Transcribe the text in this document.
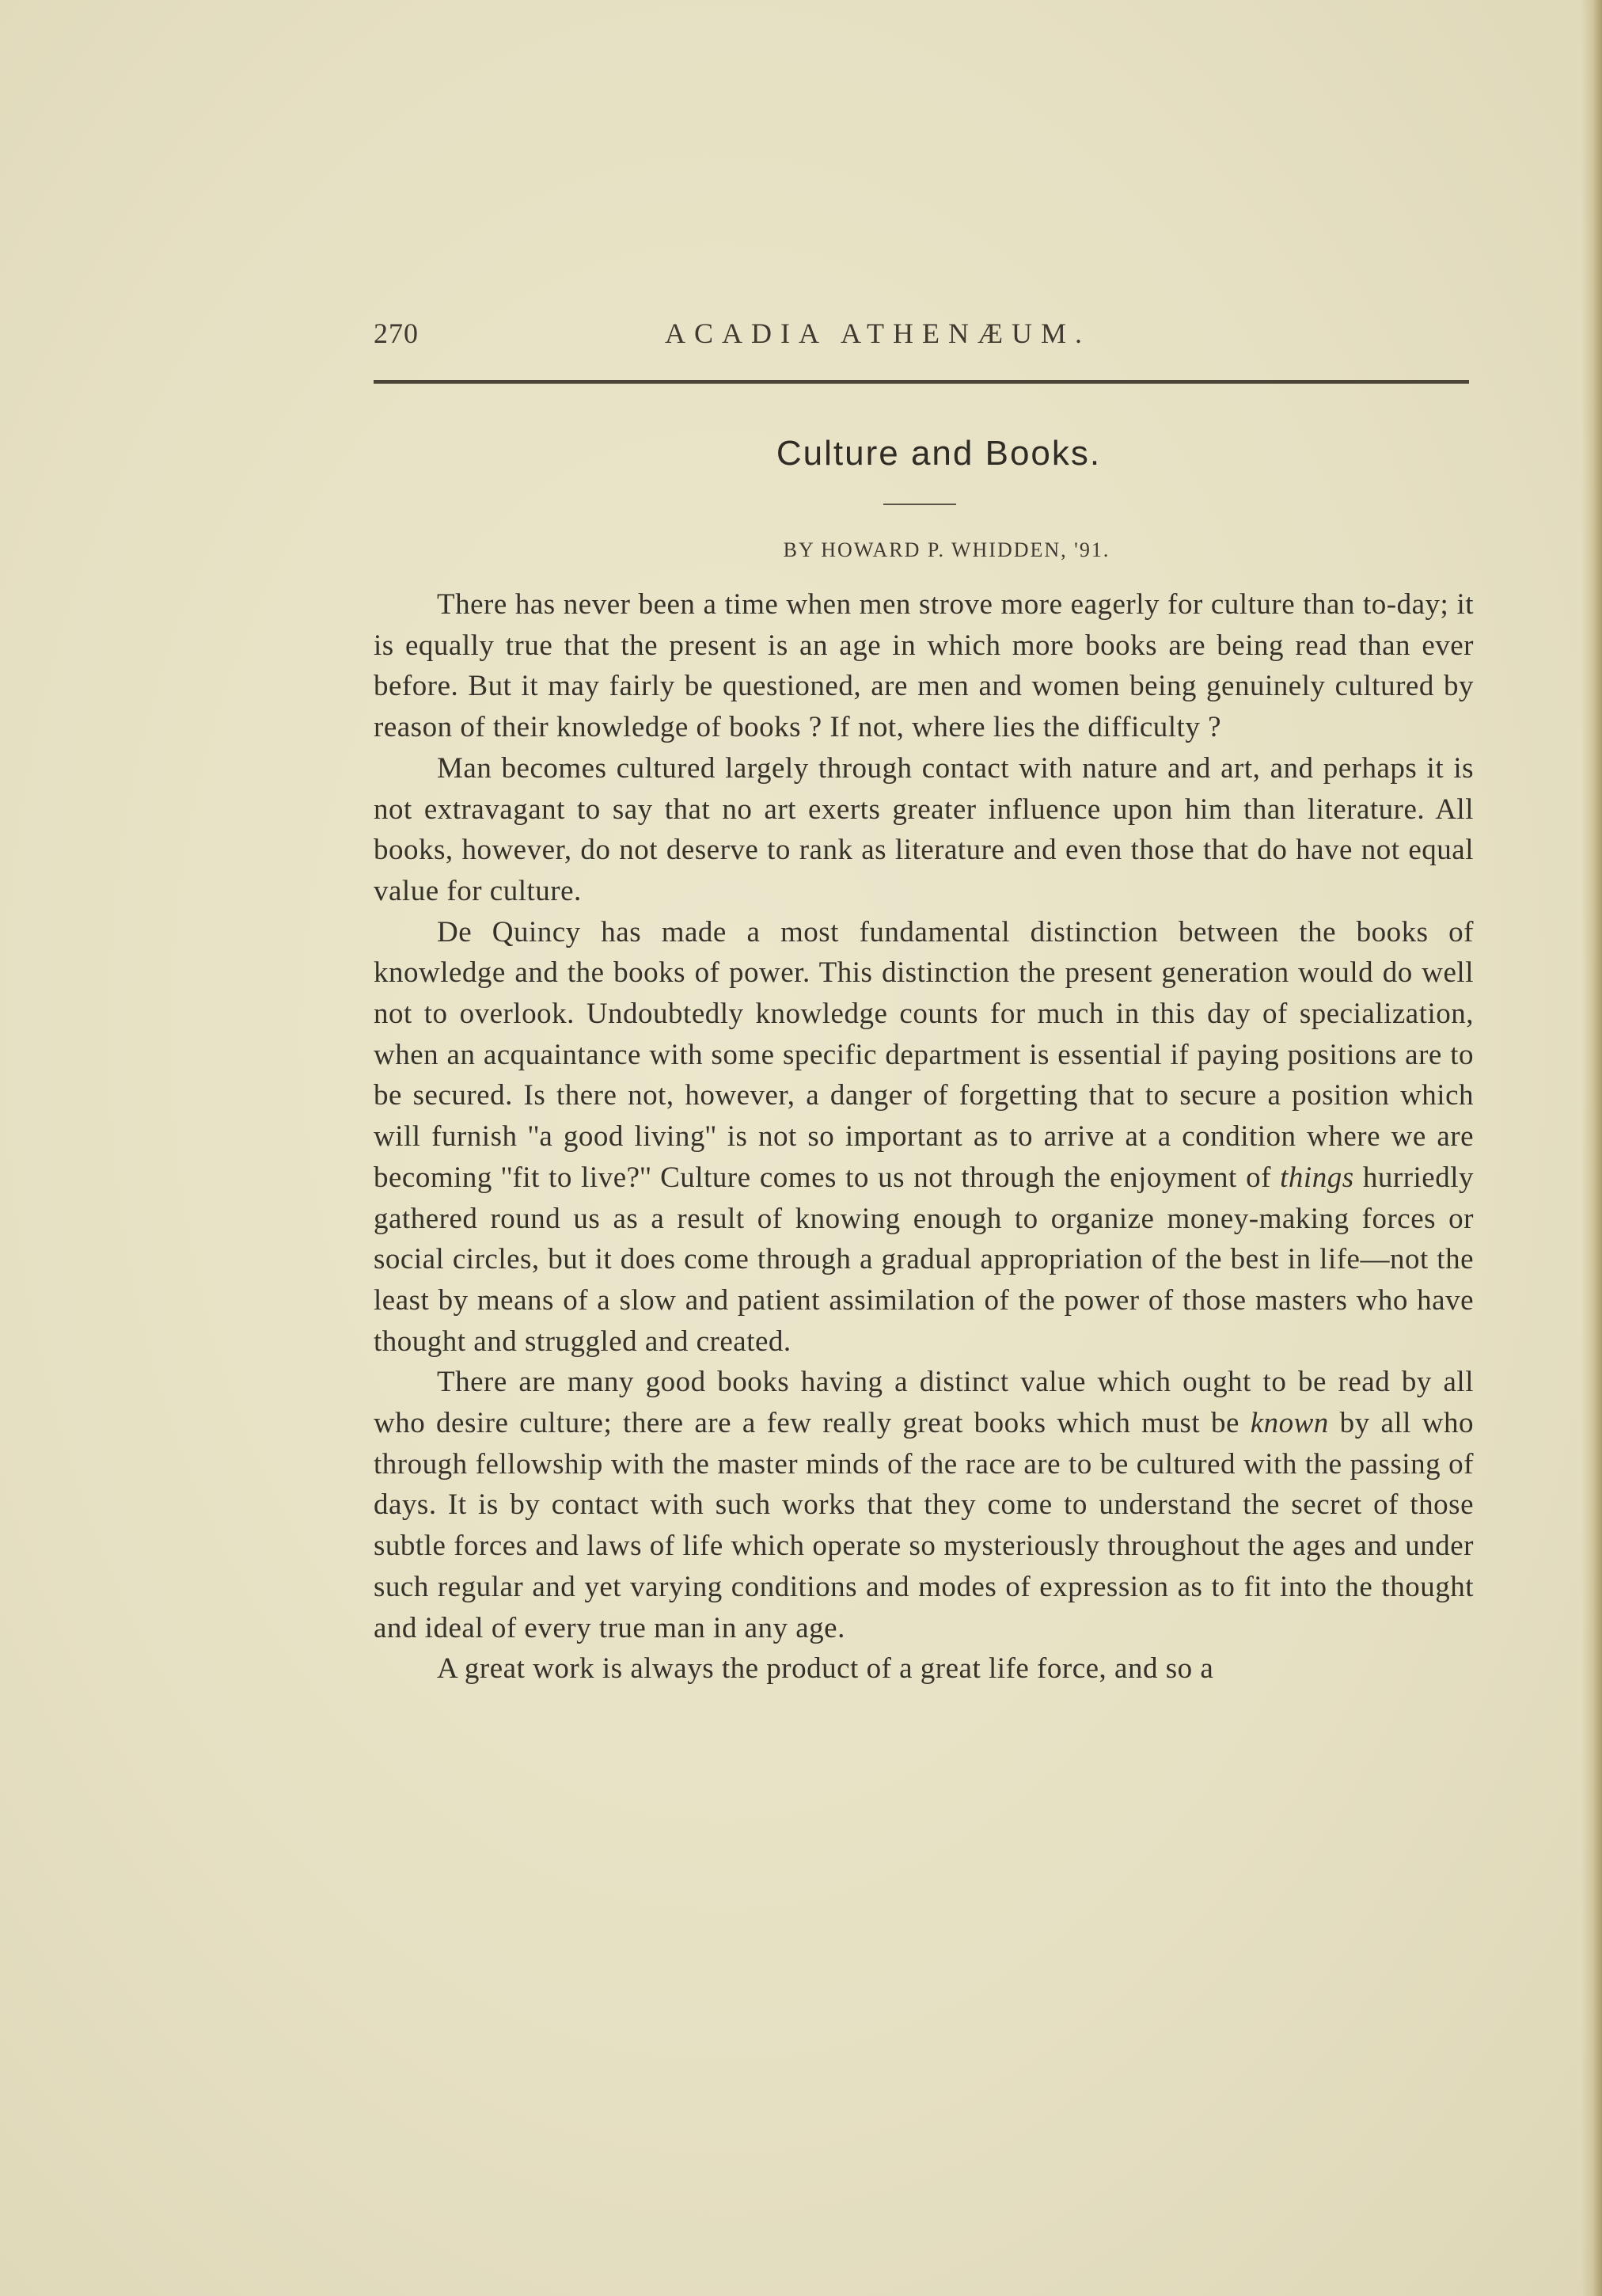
270	ACADIA ATHENÆUM.
Culture and Books.
BY HOWARD P. WHIDDEN, '91.

There has never been a time when men strove more eagerly for culture than to-day; it is equally true that the present is an age in which more books are being read than ever before. But it may fairly be questioned, are men and women being genuinely cultured by reason of their knowledge of books ? If not, where lies the difficulty ?

Man becomes cultured largely through contact with nature and art, and perhaps it is not extravagant to say that no art exerts greater influence upon him than literature. All books, however, do not deserve to rank as literature and even those that do have not equal value for culture.

De Quincy has made a most fundamental distinction between the books of knowledge and the books of power. This distinction the present generation would do well not to overlook. Undoubtedly knowledge counts for much in this day of specialization, when an acquaintance with some specific department is essential if paying positions are to be secured. Is there not, however, a danger of forgetting that to secure a position which will furnish ''a good living'' is not so important as to arrive at a condition where we are becoming ''fit to live?'' Culture comes to us not through the enjoyment of things hurriedly gathered round us as a result of knowing enough to organize money-making forces or social circles, but it does come through a gradual appropriation of the best in life—not the least by means of a slow and patient assimilation of the power of those masters who have thought and struggled and created.

There are many good books having a distinct value which ought to be read by all who desire culture; there are a few really great books which must be known by all who through fellowship with the master minds of the race are to be cultured with the passing of days. It is by contact with such works that they come to understand the secret of those subtle forces and laws of life which operate so mysteriously throughout the ages and under such regular and yet varying conditions and modes of expression as to fit into the thought and ideal of every true man in any age.

A great work is always the product of a great life force, and so a
